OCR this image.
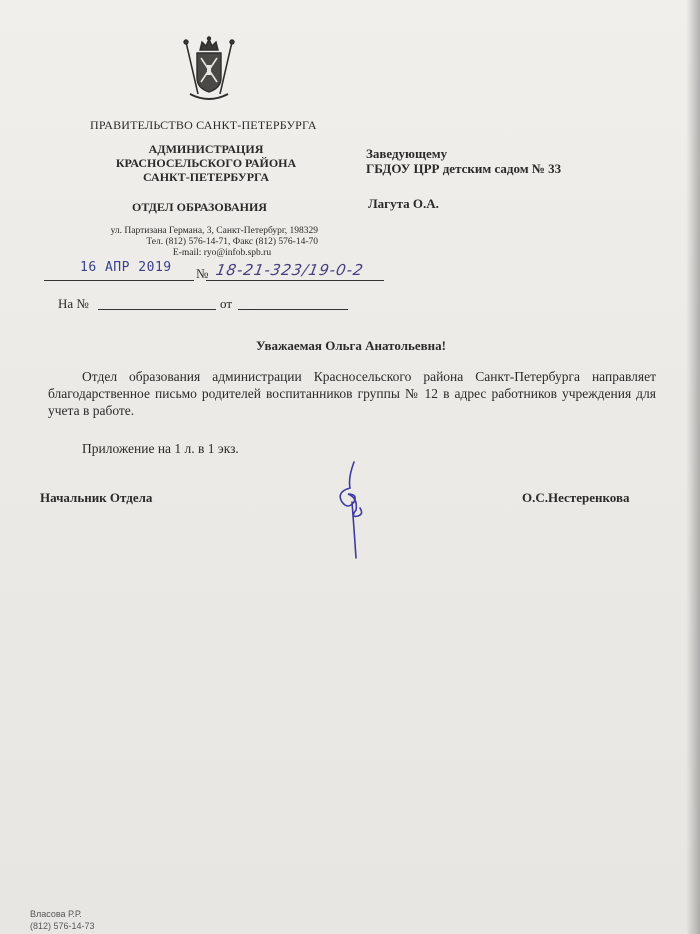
ПРАВИТЕЛЬСТВО САНКТ-ПЕТЕРБУРГА
АДМИНИСТРАЦИЯ
КРАСНОСЕЛЬСКОГО РАЙОНА
САНКТ-ПЕТЕРБУРГА
ОТДЕЛ ОБРАЗОВАНИЯ
ул. Партизана Германа, 3, Санкт-Петербург, 198329
Тел. (812) 576-14-71, Факс (812) 576-14-70
E-mail: ryo@infob.spb.ru
Заведующему
ГБДОУ ЦРР детским садом № 33
Лагута О.А.
16 АПР 2019 № 18-21-323/19-0-2
На №	от
Уважаемая Ольга Анатольевна!
Отдел образования администрации Красносельского района Санкт-Петербурга направляет благодарственное письмо родителей воспитанников группы № 12 в адрес работников учреждения для учета в работе.
Приложение на 1 л. в 1 экз.
Начальник Отдела	О.С.Нестеренкова
Власова Р.Р.
(812) 576-14-73
